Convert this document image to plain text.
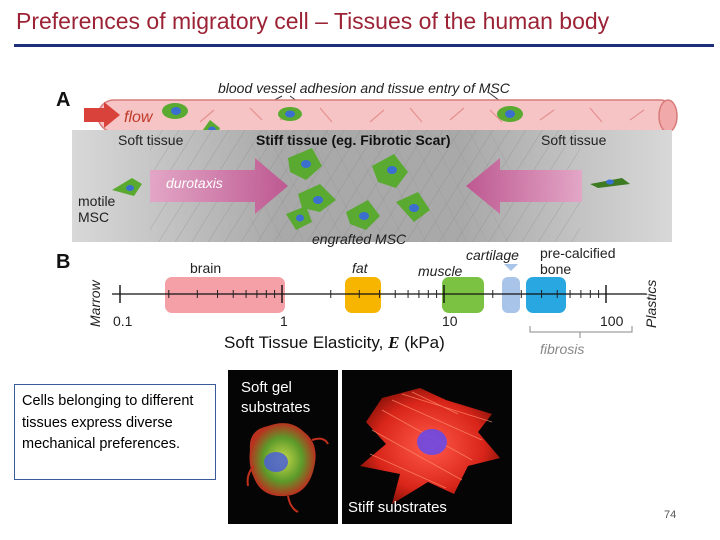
Preferences of migratory cell – Tissues of the human body
A
blood vessel adhesion and tissue entry of MSC
flow
Soft tissue	Stiff tissue (eg. Fibrotic Scar)	Soft tissue
durotaxis
motile MSC
engrafted MSC
B
Marrow	Plastics
brain	fat	muscle
cartilage pre-calcified bone
0.1	1	10	100
Soft Tissue Elasticity, E (kPa)	fibrosis
Cells belonging to different tissues express diverse mechanical preferences.
Soft gel
substrates
Stiff substrates	74
